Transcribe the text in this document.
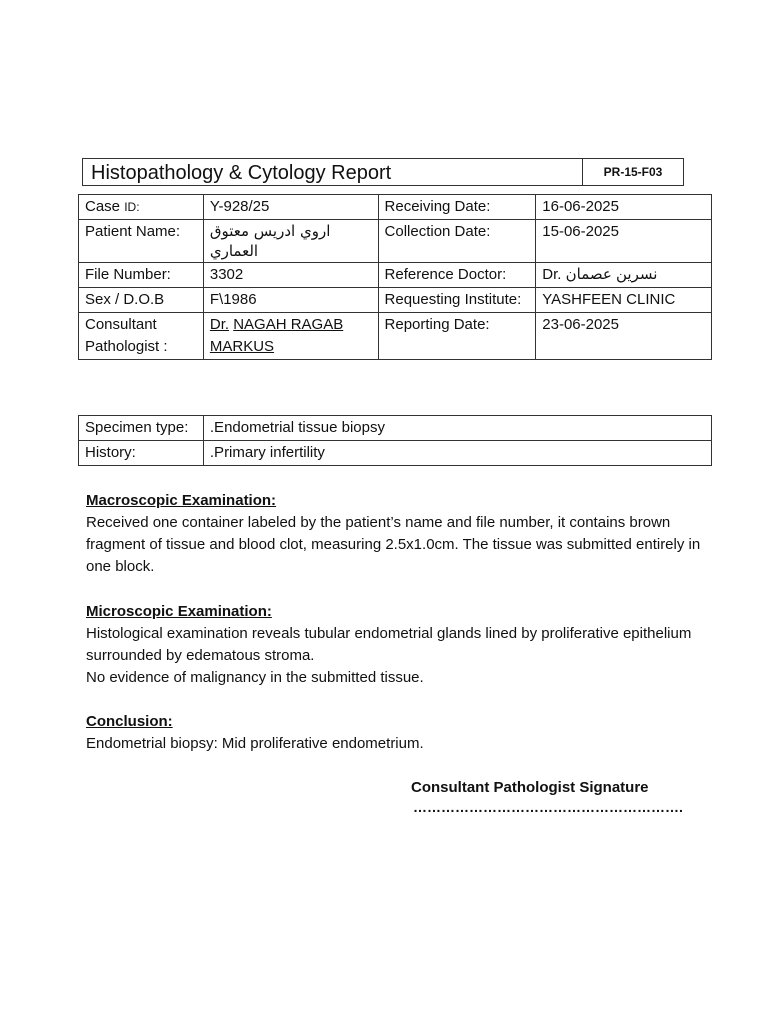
Histopathology & Cytology Report	PR-15-F03
Case ID:	Y-928/25	Receiving Date:	16-06-2025
Patient Name:	اروي ادريس معتوق العماري	Collection Date:	15-06-2025
File Number:	3302	Reference Doctor:	Dr. نسرين عصمان
Sex / D.O.B	F\1986	Requesting Institute:	YASHFEEN CLINIC
Consultant Pathologist :	Dr. NAGAH RAGAB MARKUS	Reporting Date:	23-06-2025
Specimen type:	.Endometrial tissue biopsy
History:	.Primary infertility
Macroscopic Examination:
Received one container labeled by the patient’s name and file number, it contains brown fragment of tissue and blood clot, measuring 2.5x1.0cm. The tissue was submitted entirely in one block.
Microscopic Examination:
Histological examination reveals tubular endometrial glands lined by proliferative epithelium surrounded by edematous stroma.
No evidence of malignancy in the submitted tissue.
Conclusion:
Endometrial biopsy: Mid proliferative endometrium.
Consultant Pathologist Signature
………………………………………………….
